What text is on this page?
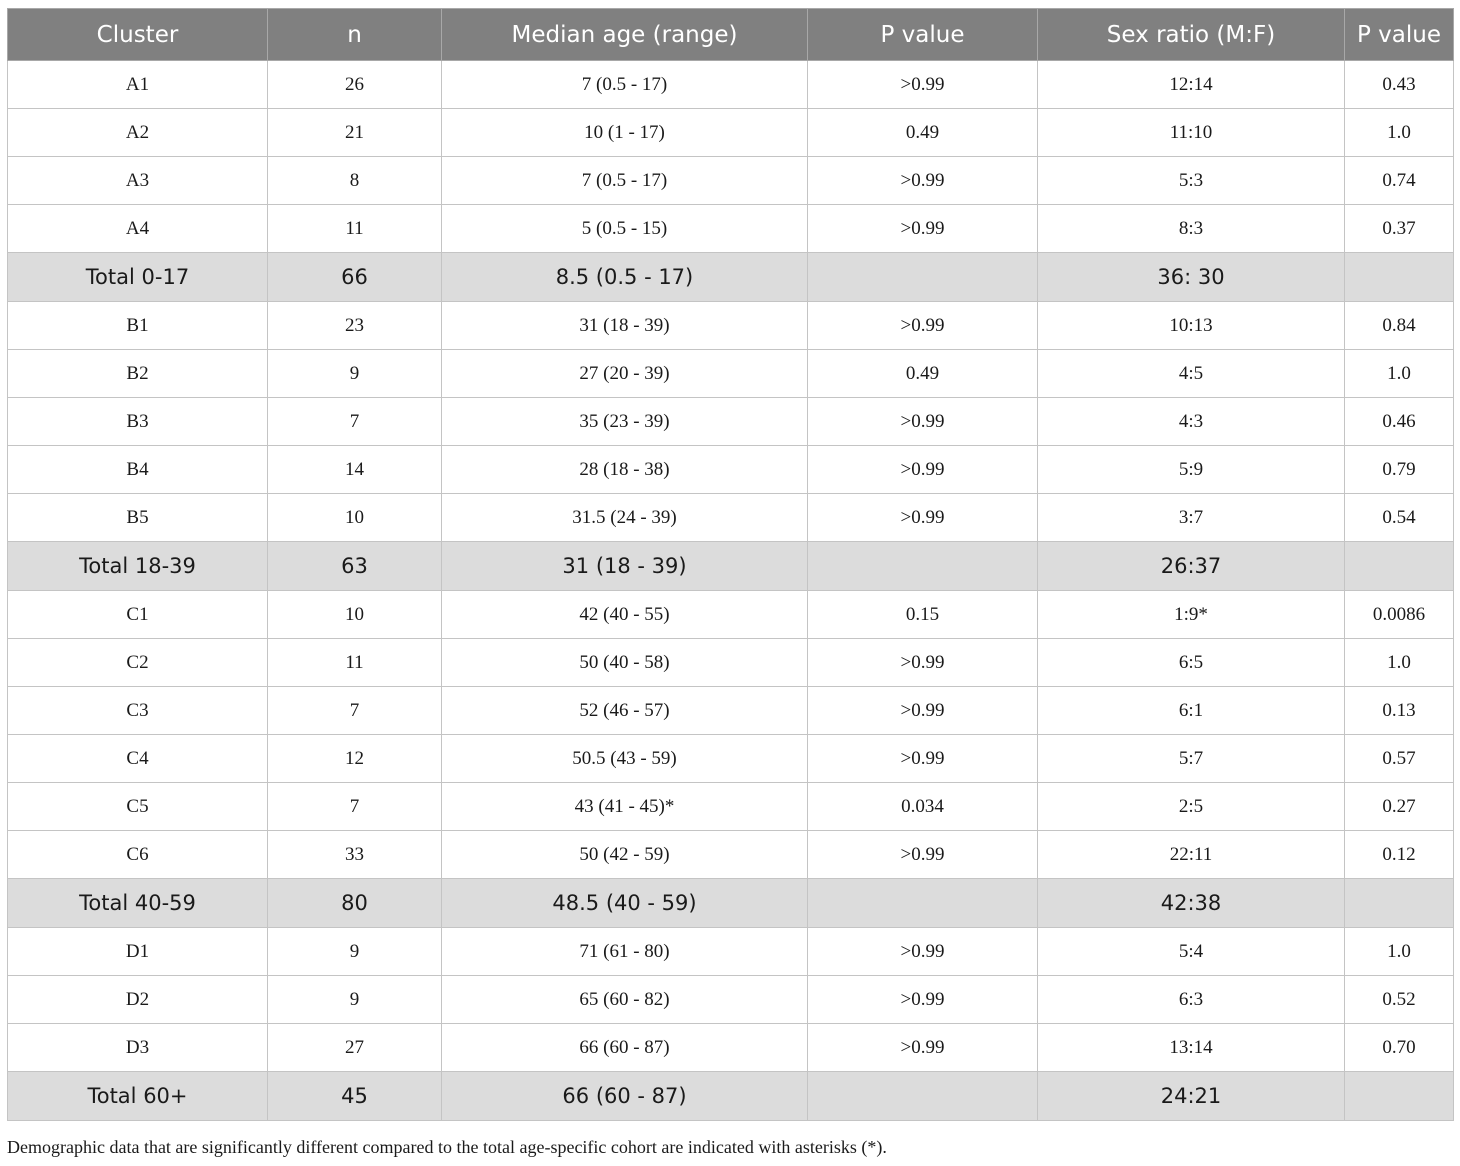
Cluster	n	Median age (range)	P value	Sex ratio (M:F)	P value
A1	26	7 (0.5 - 17)	>0.99	12:14	0.43
A2	21	10 (1 - 17)	0.49	11:10	1.0
A3	8	7 (0.5 - 17)	>0.99	5:3	0.74
A4	11	5 (0.5 - 15)	>0.99	8:3	0.37
Total 0-17	66	8.5 (0.5 - 17)		36: 30	
B1	23	31 (18 - 39)	>0.99	10:13	0.84
B2	9	27 (20 - 39)	0.49	4:5	1.0
B3	7	35 (23 - 39)	>0.99	4:3	0.46
B4	14	28 (18 - 38)	>0.99	5:9	0.79
B5	10	31.5 (24 - 39)	>0.99	3:7	0.54
Total 18-39	63	31 (18 - 39)		26:37	
C1	10	42 (40 - 55)	0.15	1:9*	0.0086
C2	11	50 (40 - 58)	>0.99	6:5	1.0
C3	7	52 (46 - 57)	>0.99	6:1	0.13
C4	12	50.5 (43 - 59)	>0.99	5:7	0.57
C5	7	43 (41 - 45)*	0.034	2:5	0.27
C6	33	50 (42 - 59)	>0.99	22:11	0.12
Total 40-59	80	48.5 (40 - 59)		42:38	
D1	9	71 (61 - 80)	>0.99	5:4	1.0
D2	9	65 (60 - 82)	>0.99	6:3	0.52
D3	27	66 (60 - 87)	>0.99	13:14	0.70
Total 60+	45	66 (60 - 87)		24:21	
Demographic data that are significantly different compared to the total age-specific cohort are indicated with asterisks (*).
